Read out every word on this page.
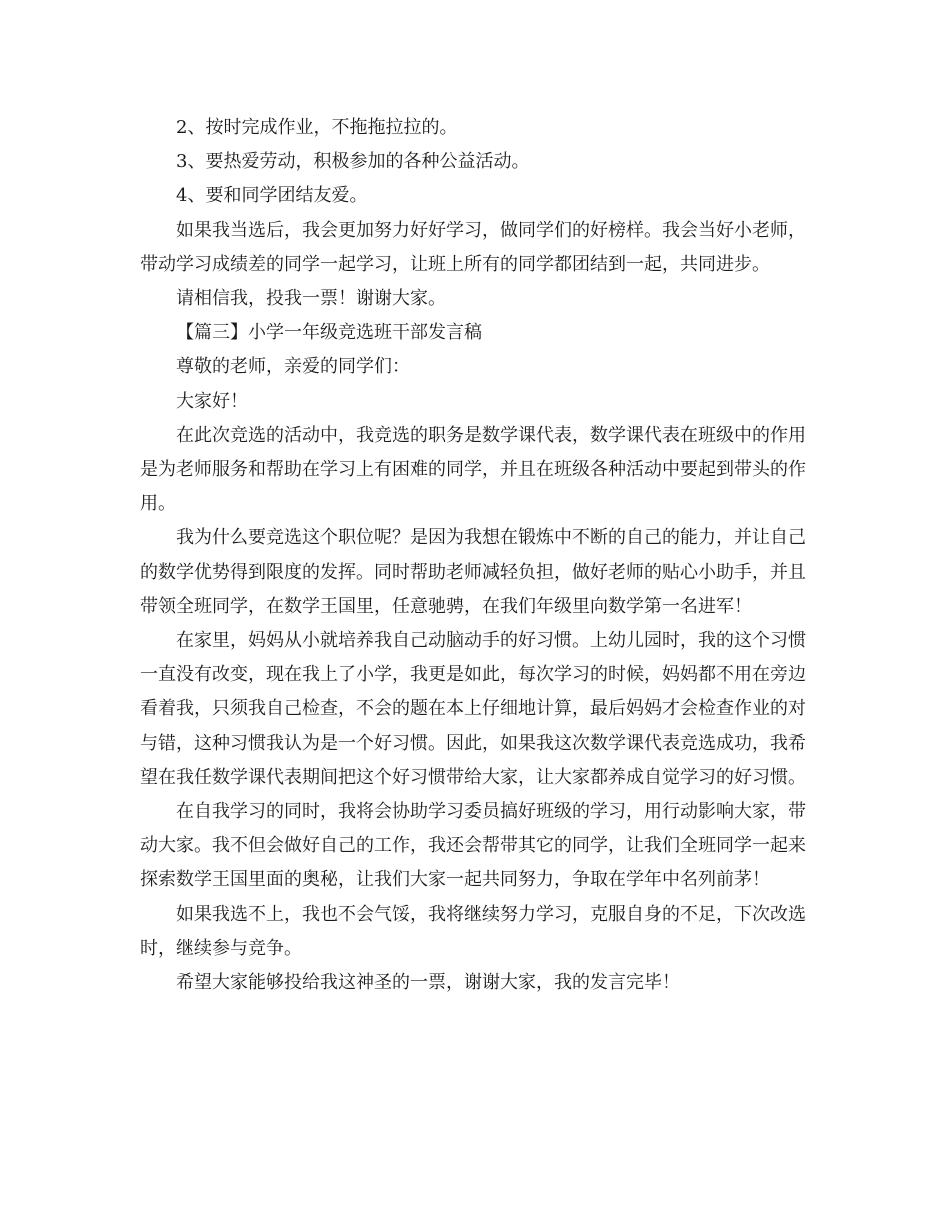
2、按时完成作业，不拖拖拉拉的。

3、要热爱劳动，积极参加的各种公益活动。

4、要和同学团结友爱。

如果我当选后，我会更加努力好好学习，做同学们的好榜样。我会当好小老师，带动学习成绩差的同学一起学习，让班上所有的同学都团结到一起，共同进步。

请相信我，投我一票！谢谢大家。

【篇三】小学一年级竞选班干部发言稿

尊敬的老师，亲爱的同学们：

大家好！

在此次竞选的活动中，我竞选的职务是数学课代表，数学课代表在班级中的作用是为老师服务和帮助在学习上有困难的同学，并且在班级各种活动中要起到带头的作用。

我为什么要竞选这个职位呢？是因为我想在锻炼中不断的自己的能力，并让自己的数学优势得到限度的发挥。同时帮助老师减轻负担，做好老师的贴心小助手，并且带领全班同学，在数学王国里，任意驰骋，在我们年级里向数学第一名进军！

在家里，妈妈从小就培养我自己动脑动手的好习惯。上幼儿园时，我的这个习惯一直没有改变，现在我上了小学，我更是如此，每次学习的时候，妈妈都不用在旁边看着我，只须我自己检查，不会的题在本上仔细地计算，最后妈妈才会检查作业的对与错，这种习惯我认为是一个好习惯。因此，如果我这次数学课代表竞选成功，我希望在我任数学课代表期间把这个好习惯带给大家，让大家都养成自觉学习的好习惯。

在自我学习的同时，我将会协助学习委员搞好班级的学习，用行动影响大家，带动大家。我不但会做好自己的工作，我还会帮带其它的同学，让我们全班同学一起来探索数学王国里面的奥秘，让我们大家一起共同努力，争取在学年中名列前茅！

如果我选不上，我也不会气馁，我将继续努力学习，克服自身的不足，下次改选时，继续参与竞争。

希望大家能够投给我这神圣的一票，谢谢大家，我的发言完毕！
